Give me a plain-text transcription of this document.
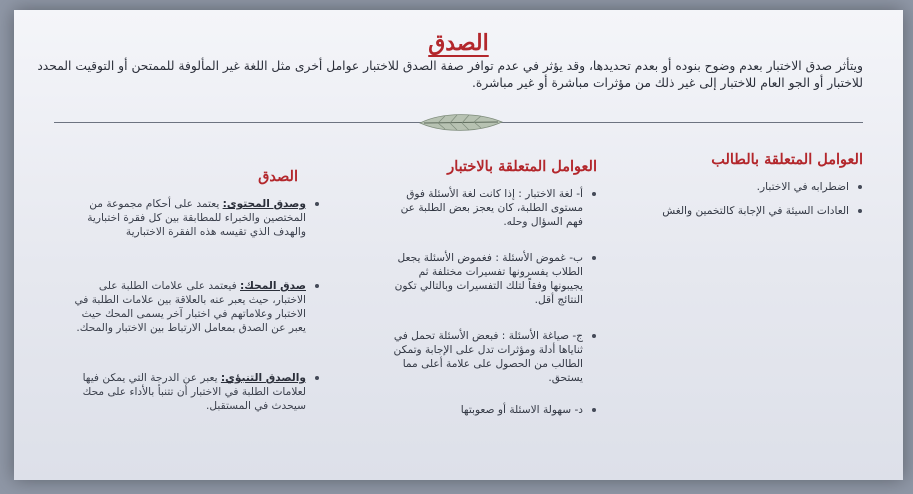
الصدق
ويتأثر صدق الاختبار بعدم وضوح بنوده أو بعدم تحديدها، وقد يؤثر في عدم توافر صفة الصدق للاختبار عوامل أخرى مثل اللغة غير المألوفة للممتحن أو التوقيت المحدد للاختبار أو الجو العام للاختبار إلى غير ذلك من مؤثرات مباشرة أو غير مباشرة.
العوامل المتعلقة بالطالب
اضطرابه في الاختبار.
العادات السيئة في الإجابة كالتخمين والغش
العوامل المتعلقة بالاختبار
أ- لغة الاختبار : إذا كانت لغة الأسئلة فوق مستوى الطلبة، كان يعجز بعض الطلبة عن فهم السؤال وحله.
ب- غموض الأسئلة : فغموض الأسئلة يجعل الطلاب يفسرونها تفسيرات مختلفة ثم يجيبونها وفقاً لتلك التفسيرات وبالتالي تكون النتائج أقل.
ج- صياغة الأسئلة : فبعض الأسئلة تحمل في ثناياها أدلة ومؤثرات تدل على الإجابة وتمكن الطالب من الحصول على علامة أعلى مما يستحق.
د- سهولة الاسئلة أو صعوبتها
الصدق
وصدق المحتوى: يعتمد على أحكام مجموعة من المختصين والخبراء للمطابقة بين كل فقرة اختبارية والهدف الذي تقيسه هذه الفقرة الاختبارية
صدق المحك: فيعتمد على علامات الطلبة على الاختبار، حيث يعبر عنه بالعلاقة بين علامات الطلبة في الاختبار وعلاماتهم في اختبار آخر يسمى المحك حيث يعبر عن الصدق بمعامل الارتباط بين الاختبار والمحك.
والصدق التنبؤي: يعبر عن الدرجة التي يمكن فيها لعلامات الطلبة في الاختبار أن تتنبأ بالأداء على محك سيحدث في المستقبل.
